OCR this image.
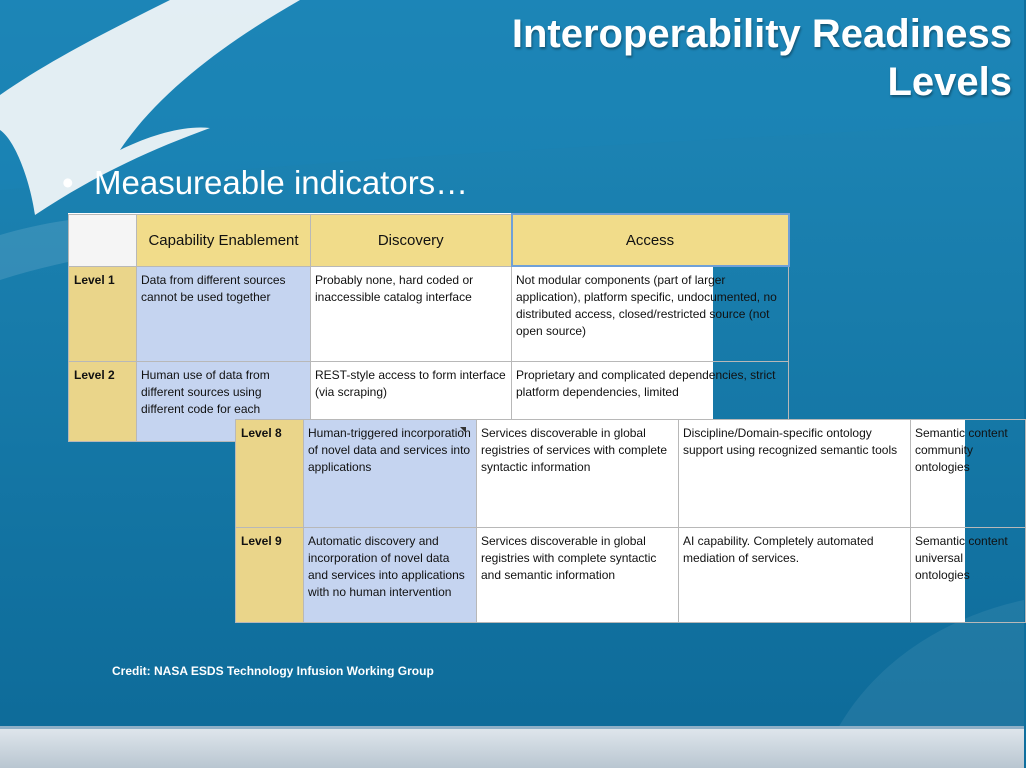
Interoperability Readiness
Levels
• Measureable indicators…
	Capability Enablement	Discovery	Access
Level 1	Data from different sources cannot be used together	Probably none, hard coded or inaccessible catalog interface	Not modular components (part of larger application), platform specific, undocumented, no distributed access, closed/restricted source (not open source)
Level 2	Human use of data from different sources using different code for each	REST-style access to form interface (via scraping)	Proprietary and complicated dependencies, strict platform dependencies, limited
Level 8	Human-triggered incorporation of novel data and services into applications	Services discoverable in global registries of services with complete syntactic information	Discipline/Domain-specific ontology support using recognized semantic tools	Semantic content community ontologies
Level 9	Automatic discovery and incorporation of novel data and services into applications with no human intervention	Services discoverable in global registries with complete syntactic and semantic information	AI capability. Completely automated mediation of services.	Semantic content universal ontologies
Credit: NASA ESDS Technology Infusion Working Group
